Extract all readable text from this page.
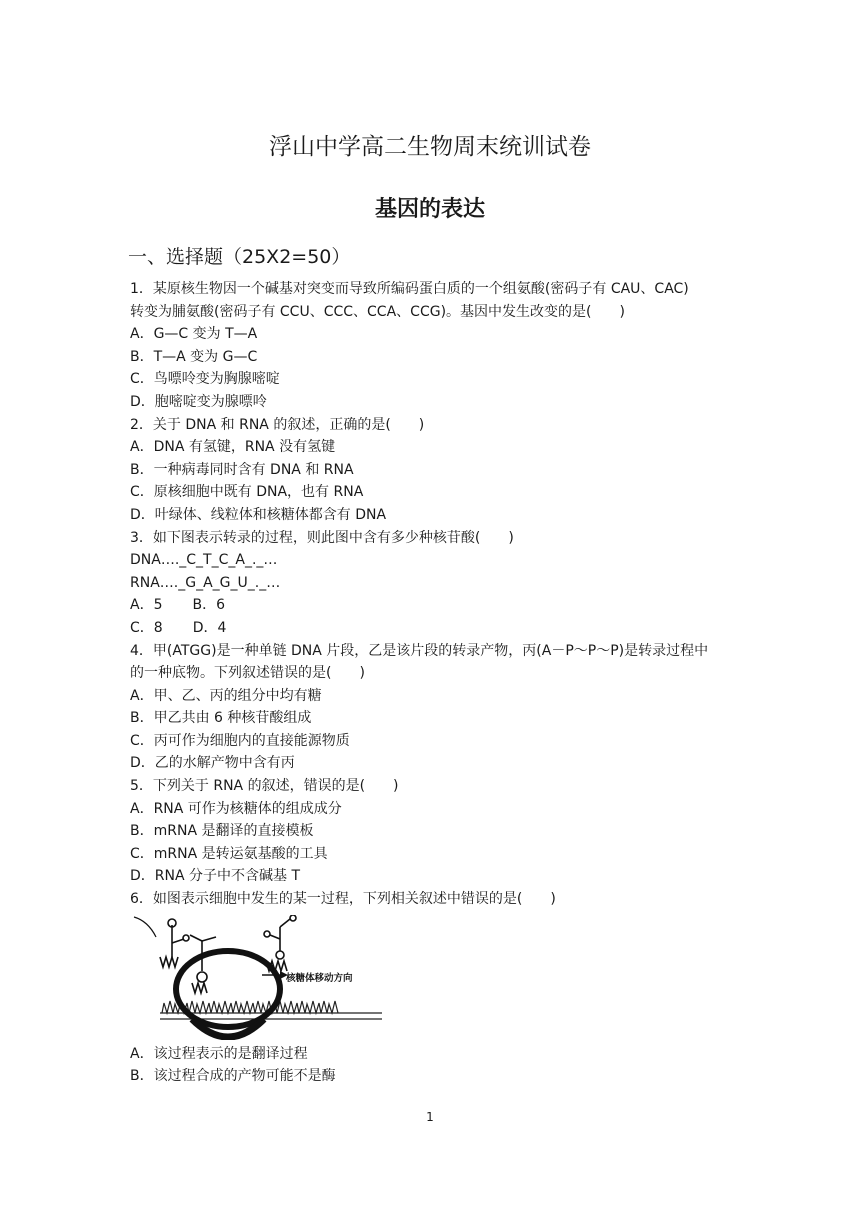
浮山中学高二生物周末统训试卷
基因的表达
一、选择题（25X2=50）
1．某原核生物因一个碱基对突变而导致所编码蛋白质的一个组氨酸(密码子有 CAU、CAC)
转变为脯氨酸(密码子有 CCU、CCC、CCA、CCG)。基因中发生改变的是(　　)
A．G—C 变为 T—A
B．T—A 变为 G—C
C．鸟嘌呤变为胸腺嘧啶
D．胞嘧啶变为腺嘌呤
2．关于 DNA 和 RNA 的叙述，正确的是(　　)
A．DNA 有氢键，RNA 没有氢键
B．一种病毒同时含有 DNA 和 RNA
C．原核细胞中既有 DNA，也有 RNA
D．叶绿体、线粒体和核糖体都含有 DNA
3．如下图表示转录的过程，则此图中含有多少种核苷酸(　　)
DNA…._C_T_C_A_._…
RNA…._G_A_G_U_._…
A．5 B．6
C．8 D．4
4．甲(ATGG)是一种单链 DNA 片段，乙是该片段的转录产物，丙(A－P～P～P)是转录过程中
的一种底物。下列叙述错误的是(　　)
A．甲、乙、丙的组分中均有糖
B．甲乙共由 6 种核苷酸组成
C．丙可作为细胞内的直接能源物质
D．乙的水解产物中含有丙
5．下列关于 RNA 的叙述，错误的是(　　)
A．RNA 可作为核糖体的组成成分
B．mRNA 是翻译的直接模板
C．mRNA 是转运氨基酸的工具
D．RNA 分子中不含碱基 T
6．如图表示细胞中发生的某一过程，下列相关叙述中错误的是(　　)
核糖体移动方向
A．该过程表示的是翻译过程
B．该过程合成的产物可能不是酶
1
